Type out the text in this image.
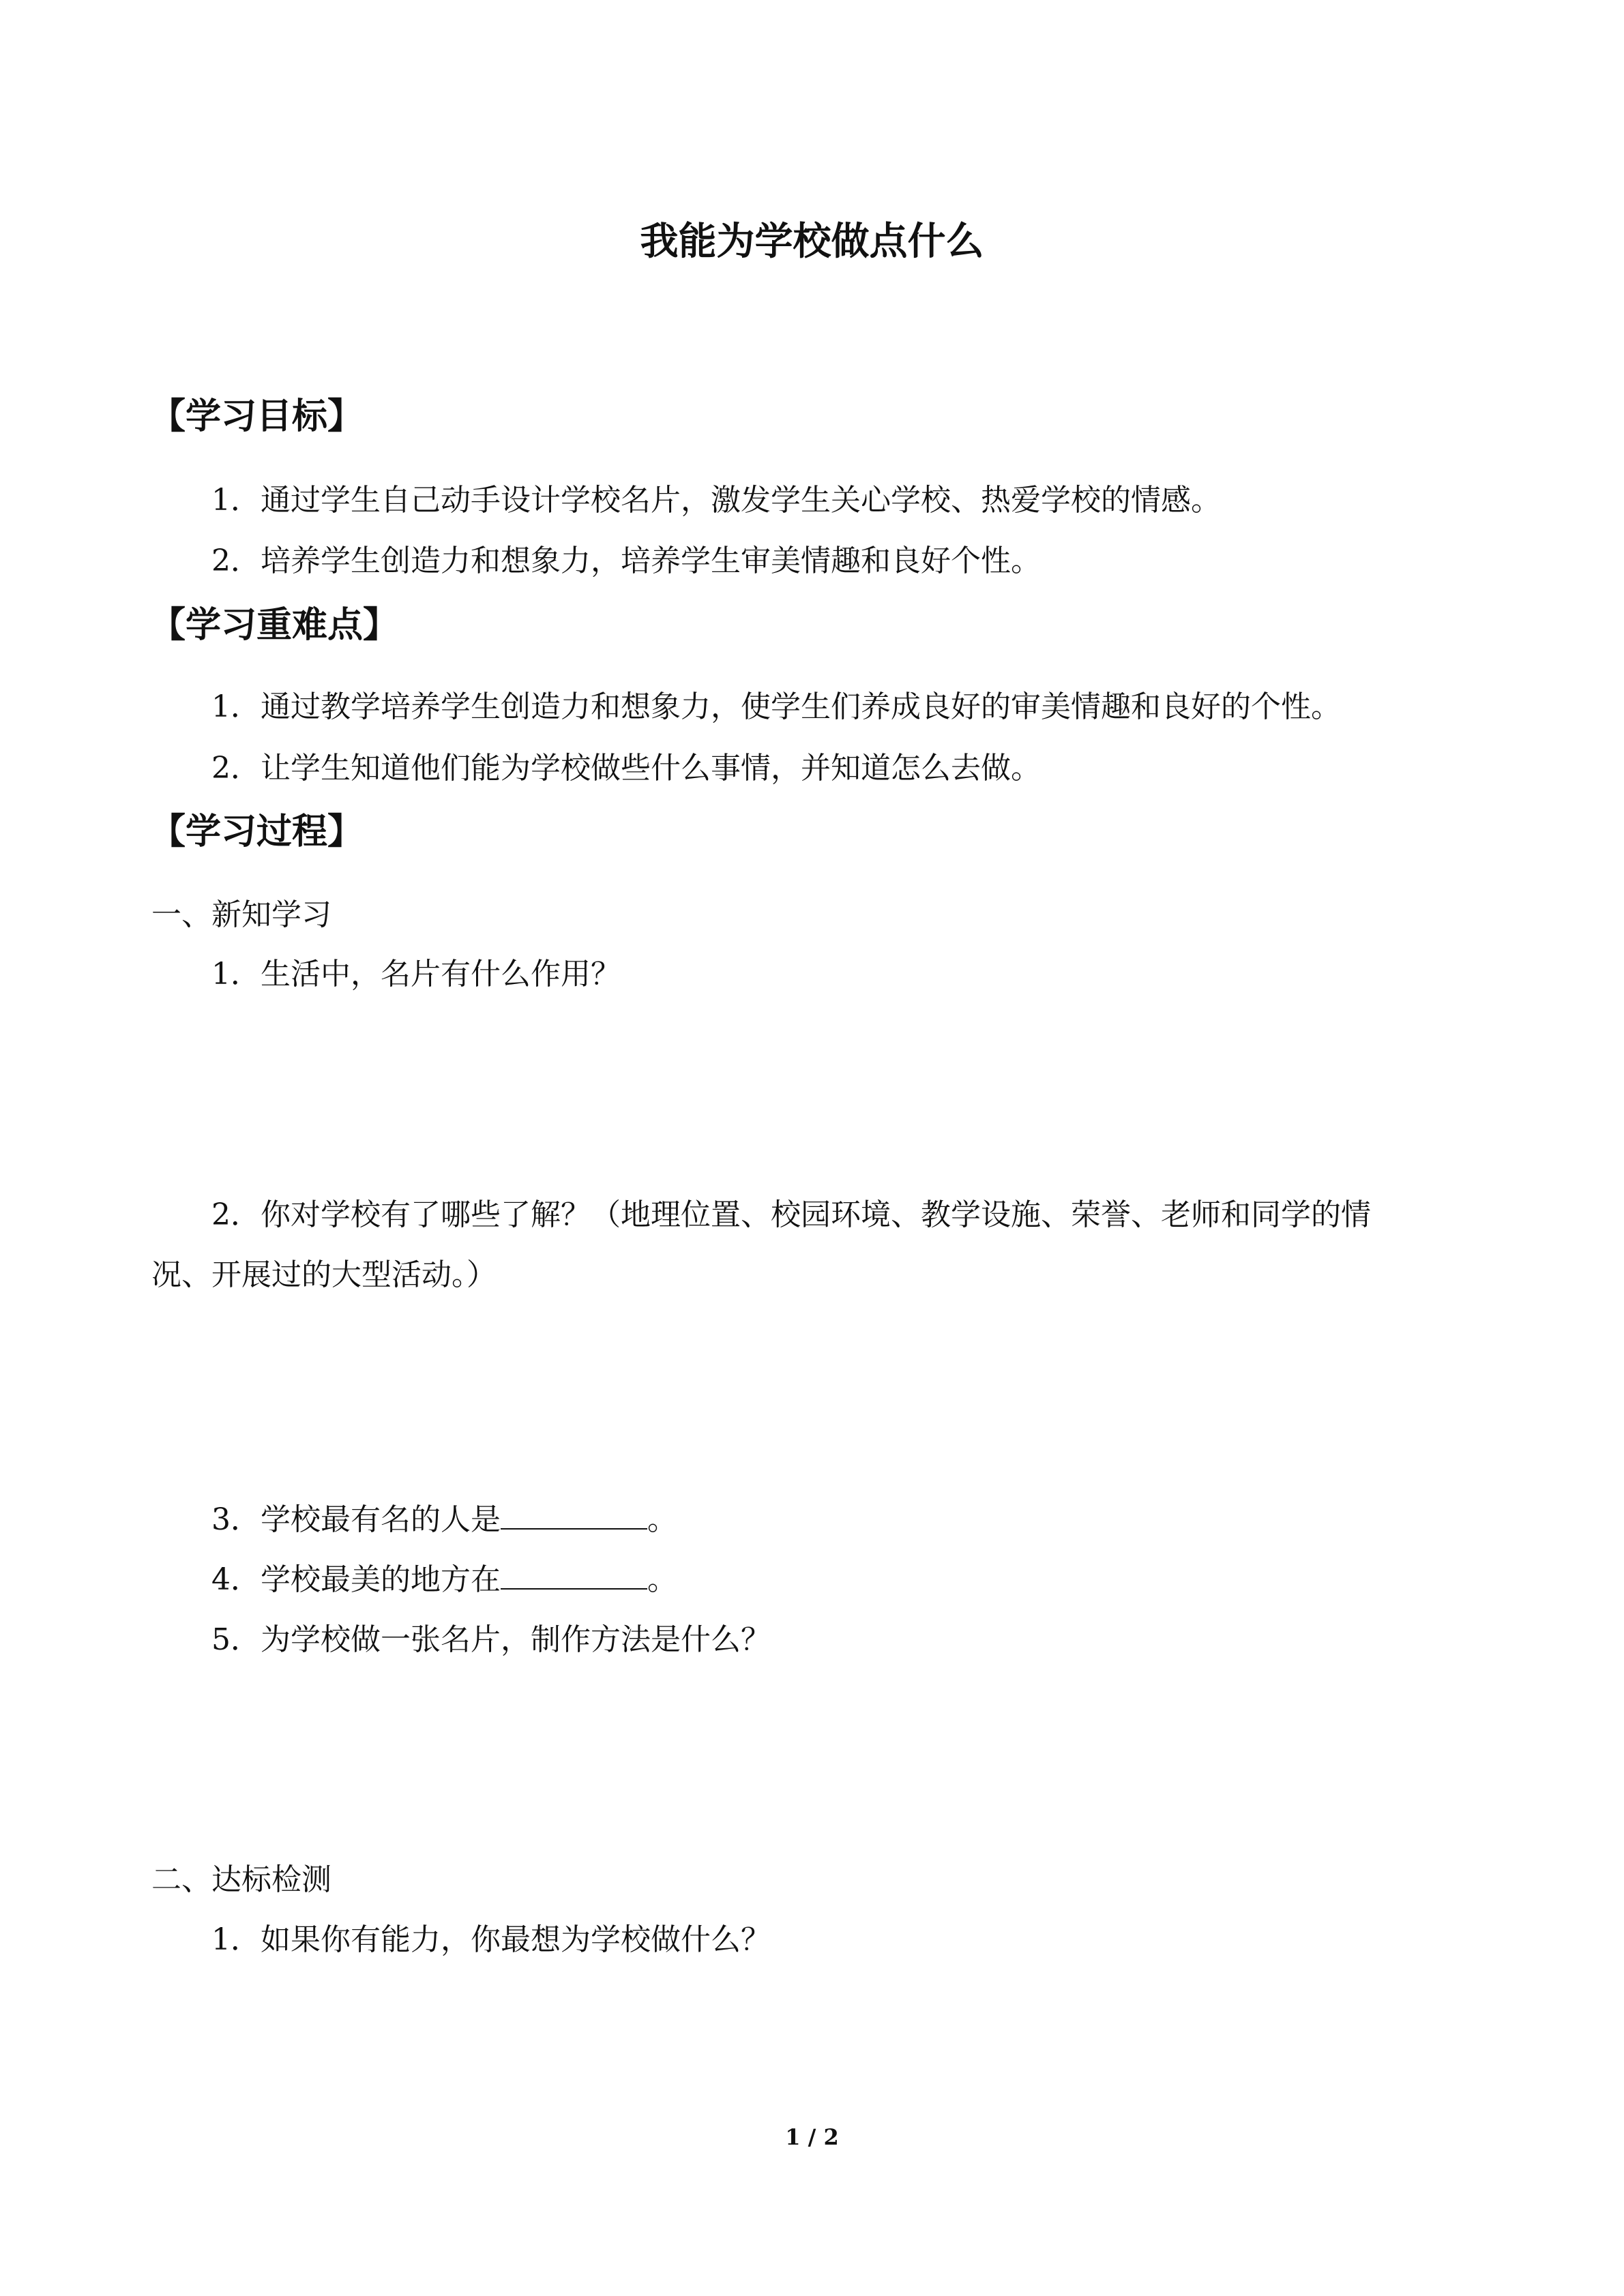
我能为学校做点什么
【学习目标】
1．通过学生自己动手设计学校名片，激发学生关心学校、热爱学校的情感。
2．培养学生创造力和想象力，培养学生审美情趣和良好个性。
【学习重难点】
1．通过教学培养学生创造力和想象力，使学生们养成良好的审美情趣和良好的个性。
2．让学生知道他们能为学校做些什么事情，并知道怎么去做。
【学习过程】
一、新知学习
1．生活中，名片有什么作用？
2．你对学校有了哪些了解？（地理位置、校园环境、教学设施、荣誉、老师和同学的情
况、开展过的大型活动。）
3．学校最有名的人是	。
4．学校最美的地方在	。
5．为学校做一张名片，制作方法是什么？
二、达标检测
1．如果你有能力，你最想为学校做什么？
1 / 2
